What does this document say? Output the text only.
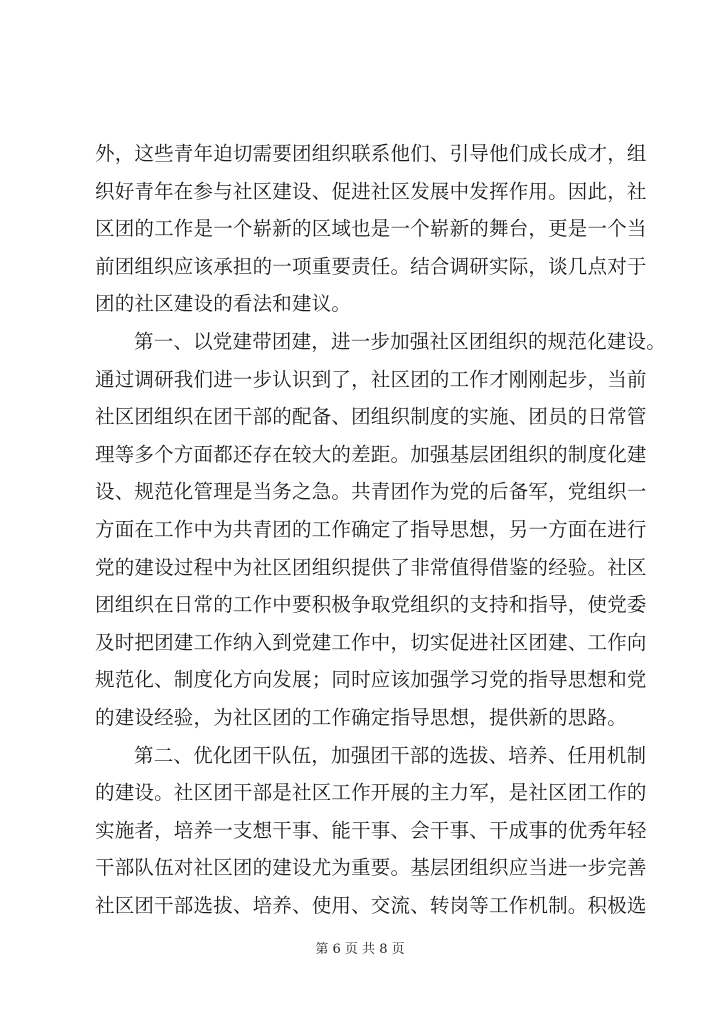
外，这些青年迫切需要团组织联系他们、引导他们成长成才，组
织好青年在参与社区建设、促进社区发展中发挥作用。因此，社
区团的工作是一个崭新的区域也是一个崭新的舞台，更是一个当
前团组织应该承担的一项重要责任。结合调研实际，谈几点对于
团的社区建设的看法和建议。
第一、以党建带团建，进一步加强社区团组织的规范化建设。
通过调研我们进一步认识到了，社区团的工作才刚刚起步，当前
社区团组织在团干部的配备、团组织制度的实施、团员的日常管
理等多个方面都还存在较大的差距。加强基层团组织的制度化建
设、规范化管理是当务之急。共青团作为党的后备军，党组织一
方面在工作中为共青团的工作确定了指导思想，另一方面在进行
党的建设过程中为社区团组织提供了非常值得借鉴的经验。社区
团组织在日常的工作中要积极争取党组织的支持和指导，使党委
及时把团建工作纳入到党建工作中，切实促进社区团建、工作向
规范化、制度化方向发展；同时应该加强学习党的指导思想和党
的建设经验，为社区团的工作确定指导思想，提供新的思路。
第二、优化团干队伍，加强团干部的选拔、培养、任用机制
的建设。社区团干部是社区工作开展的主力军，是社区团工作的
实施者，培养一支想干事、能干事、会干事、干成事的优秀年轻
干部队伍对社区团的建设尤为重要。基层团组织应当进一步完善
社区团干部选拔、培养、使用、交流、转岗等工作机制。积极选
第 6 页 共 8 页
